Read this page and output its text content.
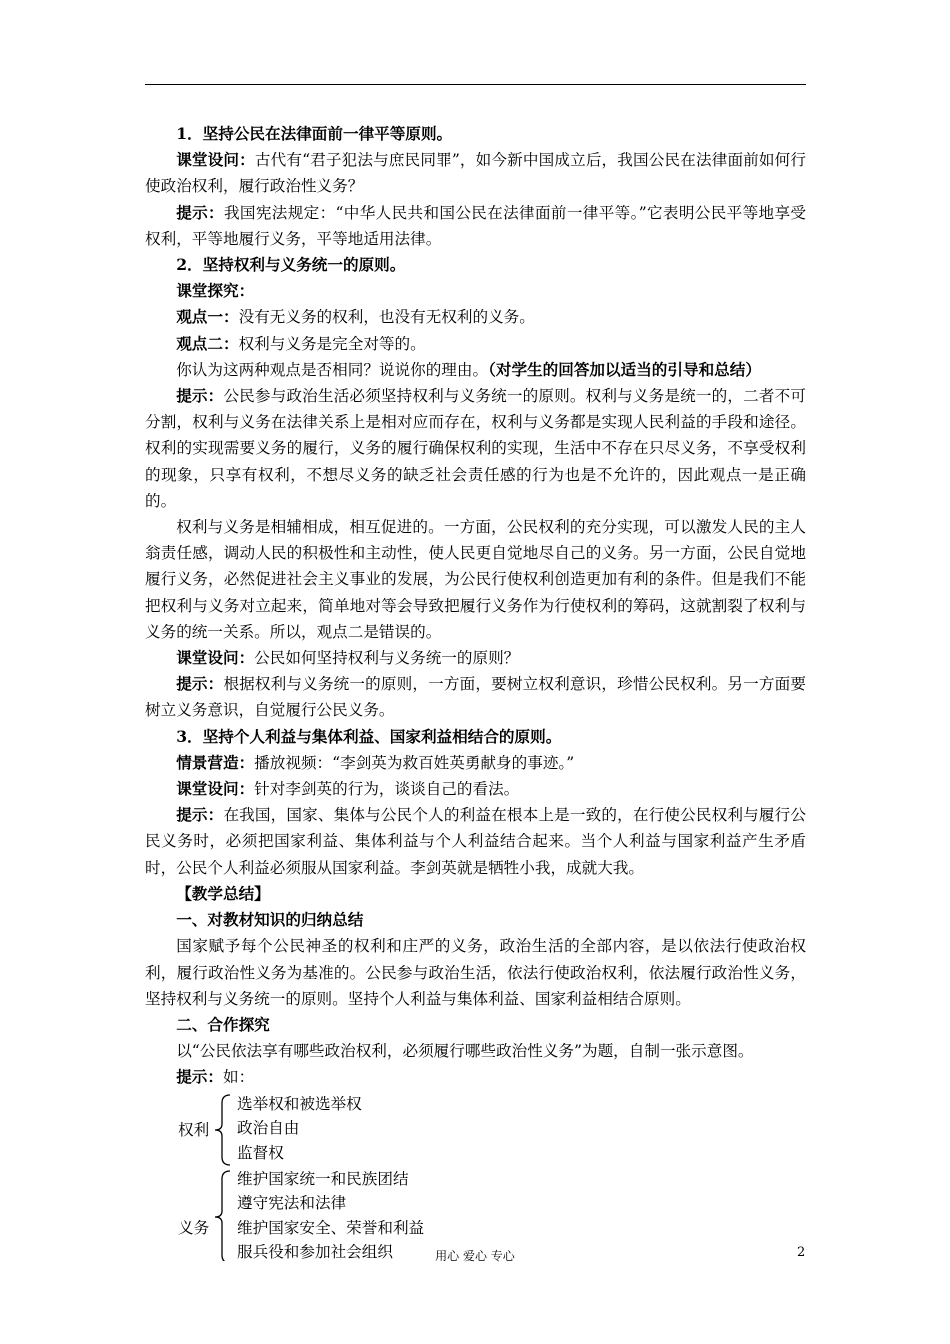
1．坚持公民在法律面前一律平等原则。

课堂设问：古代有“君子犯法与庶民同罪”，如今新中国成立后，我国公民在法律面前如何行使政治权利，履行政治性义务？

提示：我国宪法规定：“中华人民共和国公民在法律面前一律平等。”它表明公民平等地享受权利，平等地履行义务，平等地适用法律。

2．坚持权利与义务统一的原则。

课堂探究：

观点一：没有无义务的权利，也没有无权利的义务。

观点二：权利与义务是完全对等的。

你认为这两种观点是否相同？说说你的理由。（对学生的回答加以适当的引导和总结）

提示：公民参与政治生活必须坚持权利与义务统一的原则。权利与义务是统一的，二者不可分割，权利与义务在法律关系上是相对应而存在，权利与义务都是实现人民利益的手段和途径。权利的实现需要义务的履行，义务的履行确保权利的实现，生活中不存在只尽义务，不享受权利的现象，只享有权利，不想尽义务的缺乏社会责任感的行为也是不允许的，因此观点一是正确的。

权利与义务是相辅相成，相互促进的。一方面，公民权利的充分实现，可以激发人民的主人翁责任感，调动人民的积极性和主动性，使人民更自觉地尽自己的义务。另一方面，公民自觉地履行义务，必然促进社会主义事业的发展，为公民行使权利创造更加有利的条件。但是我们不能把权利与义务对立起来，简单地对等会导致把履行义务作为行使权利的筹码，这就割裂了权利与义务的统一关系。所以，观点二是错误的。

课堂设问：公民如何坚持权利与义务统一的原则？

提示：根据权利与义务统一的原则，一方面，要树立权利意识，珍惜公民权利。另一方面要树立义务意识，自觉履行公民义务。

3．坚持个人利益与集体利益、国家利益相结合的原则。

情景营造：播放视频：“李剑英为救百姓英勇献身的事迹。”

课堂设问：针对李剑英的行为，谈谈自己的看法。

提示：在我国，国家、集体与公民个人的利益在根本上是一致的，在行使公民权利与履行公民义务时，必须把国家利益、集体利益与个人利益结合起来。当个人利益与国家利益产生矛盾时，公民个人利益必须服从国家利益。李剑英就是牺牲小我，成就大我。

【教学总结】

一、对教材知识的归纳总结

国家赋予每个公民神圣的权利和庄严的义务，政治生活的全部内容，是以依法行使政治权利，履行政治性义务为基准的。公民参与政治生活，依法行使政治权利，依法履行政治性义务，坚持权利与义务统一的原则。坚持个人利益与集体利益、国家利益相结合原则。

二、合作探究

以“公民依法享有哪些政治权利，必须履行哪些政治性义务”为题，自制一张示意图。

提示：如：

权利
选举权和被选举权
政治自由
监督权
义务
维护国家统一和民族团结
遵守宪法和法律
维护国家安全、荣誉和利益
服兵役和参加社会组织	用心 爱心 专心	2
